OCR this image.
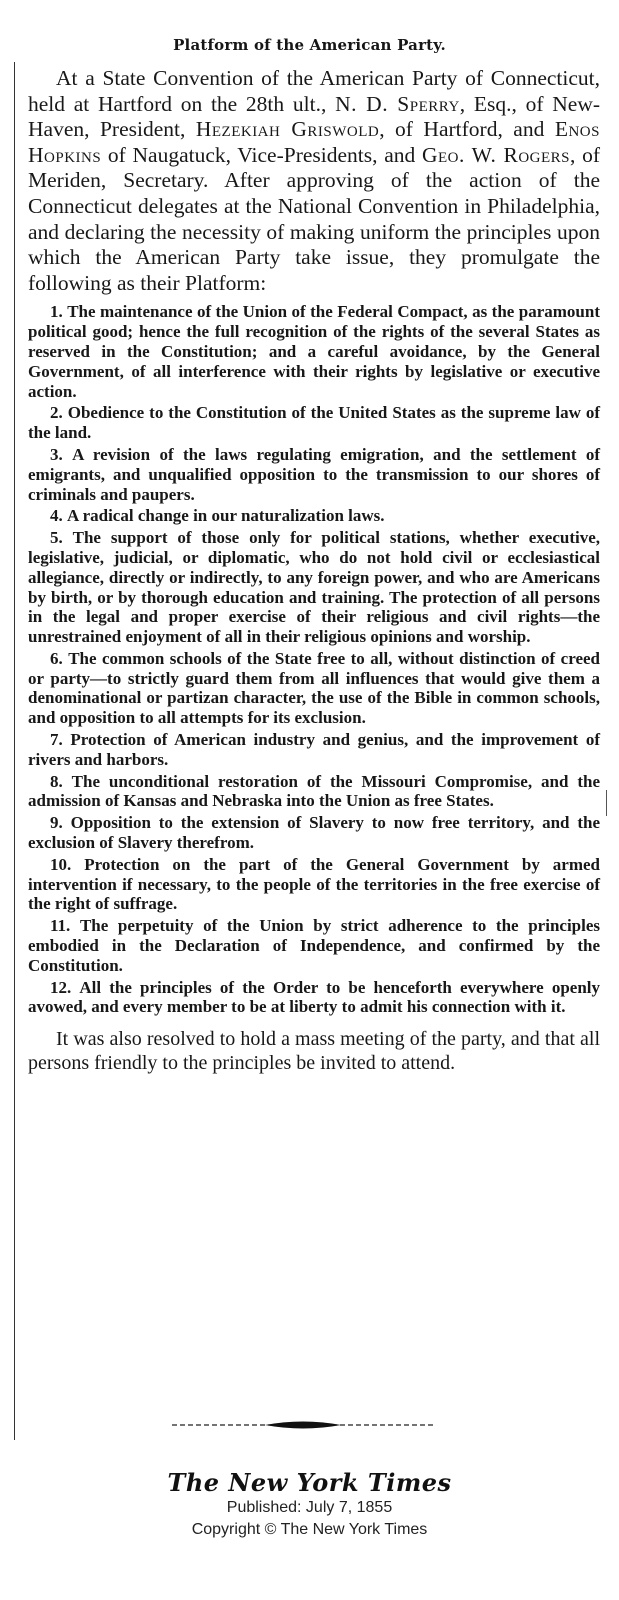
Platform of the American Party.

At a State Convention of the American Party of Connecticut, held at Hartford on the 28th ult., N. D. Sperry, Esq., of New-Haven, President, Hezekiah Griswold, of Hartford, and Enos Hopkins of Naugatuck, Vice-Presidents, and Geo. W. Rogers, of Meriden, Secretary. After approving of the action of the Connecticut delegates at the National Convention in Philadelphia, and declaring the necessity of making uniform the principles upon which the American Party take issue, they promulgate the following as their Platform:

1. The maintenance of the Union of the Federal Compact, as the paramount political good; hence the full recognition of the rights of the several States as reserved in the Constitution; and a careful avoidance, by the General Government, of all interference with their rights by legislative or executive action.
2. Obedience to the Constitution of the United States as the supreme law of the land.
3. A revision of the laws regulating emigration, and the settlement of emigrants, and unqualified opposition to the transmission to our shores of criminals and paupers.
4. A radical change in our naturalization laws.
5. The support of those only for political stations, whether executive, legislative, judicial, or diplomatic, who do not hold civil or ecclesiastical allegiance, directly or indirectly, to any foreign power, and who are Americans by birth, or by thorough education and training. The protection of all persons in the legal and proper exercise of their religious and civil rights—the unrestrained enjoyment of all in their religious opinions and worship.
6. The common schools of the State free to all, without distinction of creed or party—to strictly guard them from all influences that would give them a denominational or partizan character, the use of the Bible in common schools, and opposition to all attempts for its exclusion.
7. Protection of American industry and genius, and the improvement of rivers and harbors.
8. The unconditional restoration of the Missouri Compromise, and the admission of Kansas and Nebraska into the Union as free States.
9. Opposition to the extension of Slavery to now free territory, and the exclusion of Slavery therefrom.
10. Protection on the part of the General Government by armed intervention if necessary, to the people of the territories in the free exercise of the right of suffrage.
11. The perpetuity of the Union by strict adherence to the principles embodied in the Declaration of Independence, and confirmed by the Constitution.
12. All the principles of the Order to be henceforth everywhere openly avowed, and every member to be at liberty to admit his connection with it.

It was also resolved to hold a mass meeting of the party, and that all persons friendly to the principles be invited to attend.

The New York Times
Published: July 7, 1855
Copyright © The New York Times
